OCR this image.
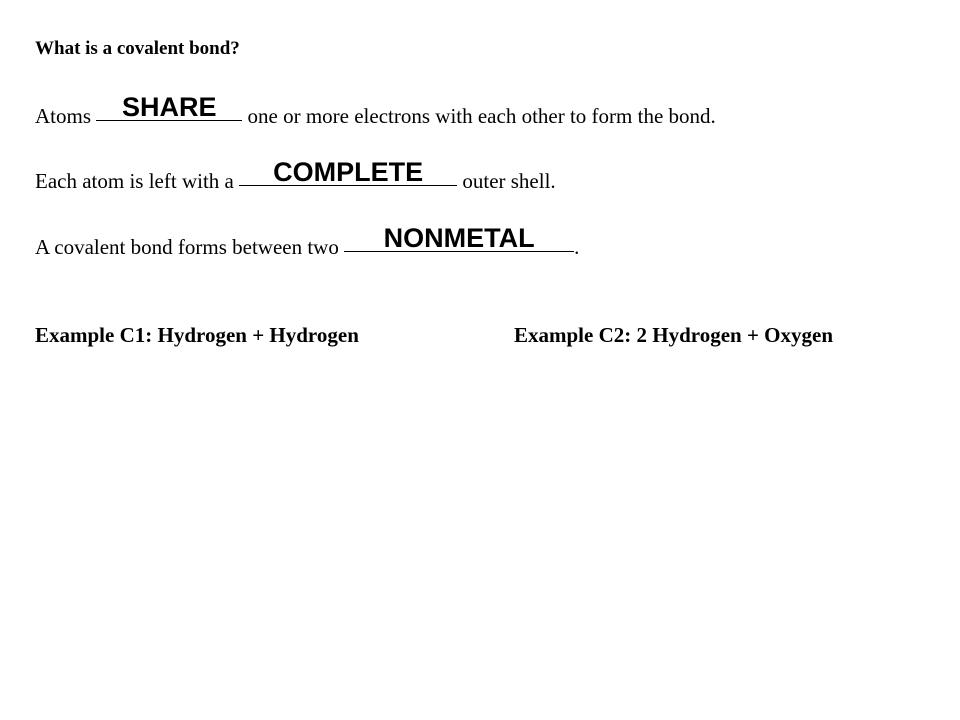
What is a covalent bond?
Atoms SHARE	one or more electrons with each other to form the bond.
Each atom is left with a	COMPLETE	outer shell.
A covalent bond forms between two	NONMETAL	.
Example C1: Hydrogen + Hydrogen	Example C2: 2 Hydrogen + Oxygen
